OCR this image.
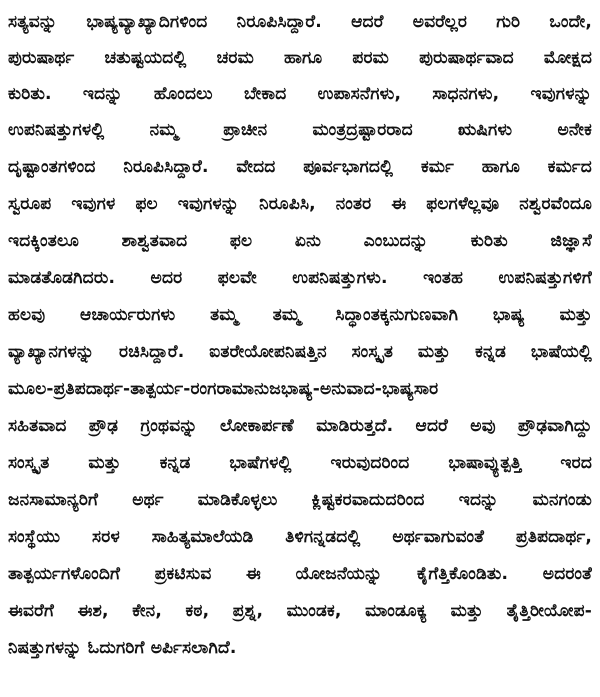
ಸತ್ಯವನ್ನು ಭಾಷ್ಯವ್ಯಾಖ್ಯಾದಿಗಳಿಂದ ನಿರೂಪಿಸಿದ್ದಾರೆ. ಆದರೆ ಅವರೆಲ್ಲರ ಗುರಿ ಒಂದೇ,
ಪುರುಷಾರ್ಥ ಚತುಷ್ಟಯದಲ್ಲಿ ಚರಮ ಹಾಗೂ ಪರಮ ಪುರುಷಾರ್ಥವಾದ ಮೋಕ್ಷದ
ಕುರಿತು. ಇದನ್ನು ಹೊಂದಲು ಬೇಕಾದ ಉಪಾಸನೆಗಳು, ಸಾಧನಗಳು, ಇವುಗಳನ್ನು
ಉಪನಿಷತ್ತುಗಳಲ್ಲಿ ನಮ್ಮ ಪ್ರಾಚೀನ ಮಂತ್ರದ್ರಷ್ಟಾರರಾದ ಋಷಿಗಳು ಅನೇಕ
ದೃಷ್ಟಾಂತಗಳಿಂದ ನಿರೂಪಿಸಿದ್ದಾರೆ. ವೇದದ ಪೂರ್ವಭಾಗದಲ್ಲಿ ಕರ್ಮ ಹಾಗೂ ಕರ್ಮದ
ಸ್ವರೂಪ ಇವುಗಳ ಫಲ ಇವುಗಳನ್ನು ನಿರೂಪಿಸಿ, ನಂತರ ಈ ಫಲಗಳೆಲ್ಲವೂ ನಶ್ವರವೆಂದೂ
ಇದಕ್ಕಿಂತಲೂ ಶಾಶ್ವತವಾದ ಫಲ ಏನು ಎಂಬುದನ್ನು ಕುರಿತು ಜಿಜ್ಞಾಸೆ
ಮಾಡತೊಡಗಿದರು. ಅದರ ಫಲವೇ ಉಪನಿಷತ್ತುಗಳು. ಇಂತಹ ಉಪನಿಷತ್ತುಗಳಿಗೆ
ಹಲವು ಆಚಾರ್ಯರುಗಳು ತಮ್ಮ ತಮ್ಮ ಸಿದ್ಧಾಂತಕ್ಕನುಗುಣವಾಗಿ ಭಾಷ್ಯ ಮತ್ತು
ವ್ಯಾಖ್ಯಾನಗಳನ್ನು ರಚಿಸಿದ್ದಾರೆ. ಐತರೇಯೋಪನಿಷತ್ತಿನ ಸಂಸ್ಕೃತ ಮತ್ತು ಕನ್ನಡ ಭಾಷೆಯಲ್ಲಿ
ಮೂಲ-ಪ್ರತಿಪದಾರ್ಥ-ತಾತ್ಪರ್ಯ-ರಂಗರಾಮಾನುಜಭಾಷ್ಯ-ಅನುವಾದ-ಭಾಷ್ಯಸಾರ
ಸಹಿತವಾದ ಪ್ರೌಢ ಗ್ರಂಥವನ್ನು ಲೋಕಾರ್ಪಣೆ ಮಾಡಿರುತ್ತದೆ. ಆದರೆ ಅವು ಪ್ರೌಢವಾಗಿದ್ದು
ಸಂಸ್ಕೃತ ಮತ್ತು ಕನ್ನಡ ಭಾಷೆಗಳಲ್ಲಿ ಇರುವುದರಿಂದ ಭಾಷಾವ್ಯುತ್ಪತ್ತಿ ಇರದ
ಜನಸಾಮಾನ್ಯರಿಗೆ ಅರ್ಥ ಮಾಡಿಕೊಳ್ಳಲು ಕ್ಲಿಷ್ಟಕರವಾದುದರಿಂದ ಇದನ್ನು ಮನಗಂಡು
ಸಂಸ್ಥೆಯು ಸರಳ ಸಾಹಿತ್ಯಮಾಲೆಯಡಿ ತಿಳಿಗನ್ನಡದಲ್ಲಿ ಅರ್ಥವಾಗುವಂತೆ ಪ್ರತಿಪದಾರ್ಥ,
ತಾತ್ಪರ್ಯಗಳೊಂದಿಗೆ ಪ್ರಕಟಿಸುವ ಈ ಯೋಜನೆಯನ್ನು ಕೈಗೆತ್ತಿಕೊಂಡಿತು. ಅದರಂತೆ
ಈವರೆಗೆ ಈಶ, ಕೇನ, ಕಠ, ಪ್ರಶ್ನ, ಮುಂಡಕ, ಮಾಂಡೂಕ್ಯ ಮತ್ತು ತೈತ್ತಿರೀಯೋಪ-
ನಿಷತ್ತುಗಳನ್ನು ಓದುಗರಿಗೆ ಅರ್ಪಿಸಲಾಗಿದೆ.
